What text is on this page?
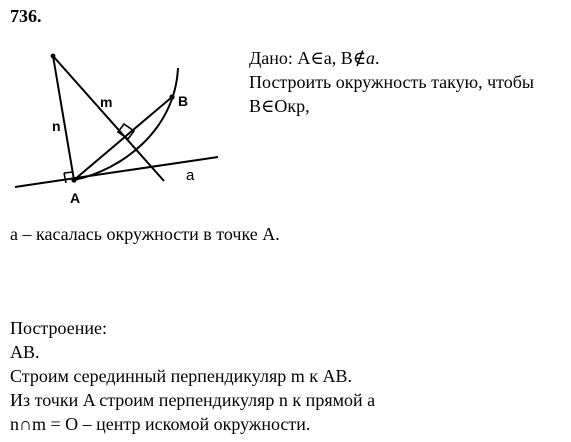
736.
n
m	B
A
a
Дано: A∈a, B∉a.
Построить окружность такую, чтобы
B∈Окр,
a – касалась окружности в точке A.
Построение:
AB.
Строим серединный перпендикуляр m к AB.
Из точки A строим перпендикуляр n к прямой a
n∩m = O – центр искомой окружности.
